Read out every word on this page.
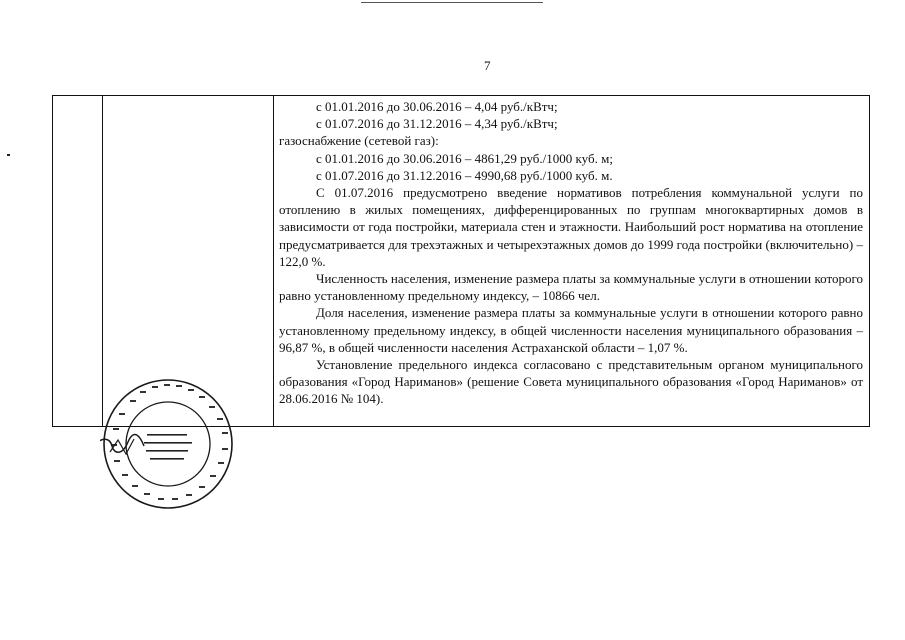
7

с 01.01.2016 до 30.06.2016 – 4,04 руб./кВтч;

с 01.07.2016 до 31.12.2016 – 4,34 руб./кВтч;

газоснабжение (сетевой газ):

с 01.01.2016 до 30.06.2016 – 4861,29 руб./1000 куб. м;

с 01.07.2016 до 31.12.2016 – 4990,68 руб./1000 куб. м.

С 01.07.2016 предусмотрено введение нормативов потребления коммунальной услуги по отоплению в жилых помещениях, дифференцированных по группам многоквартирных домов в зависимости от года постройки, материала стен и этажности. Наибольший рост норматива на отопление предусматривается для трехэтажных и четырехэтажных домов до 1999 года постройки (включительно) – 122,0 %.

Численность населения, изменение размера платы за коммунальные услуги в отношении которого равно установленному предельному индексу, – 10866 чел.

Доля населения, изменение размера платы за коммунальные услуги в отношении которого равно установленному предельному индексу, в общей численности населения муниципального образования – 96,87 %, в общей численности населения Астраханской области – 1,07 %.

Установление предельного индекса согласовано с представительным органом муниципального образования «Город Нариманов» (решение Совета муниципального образования «Город Нариманов» от 28.06.2016 № 104).
